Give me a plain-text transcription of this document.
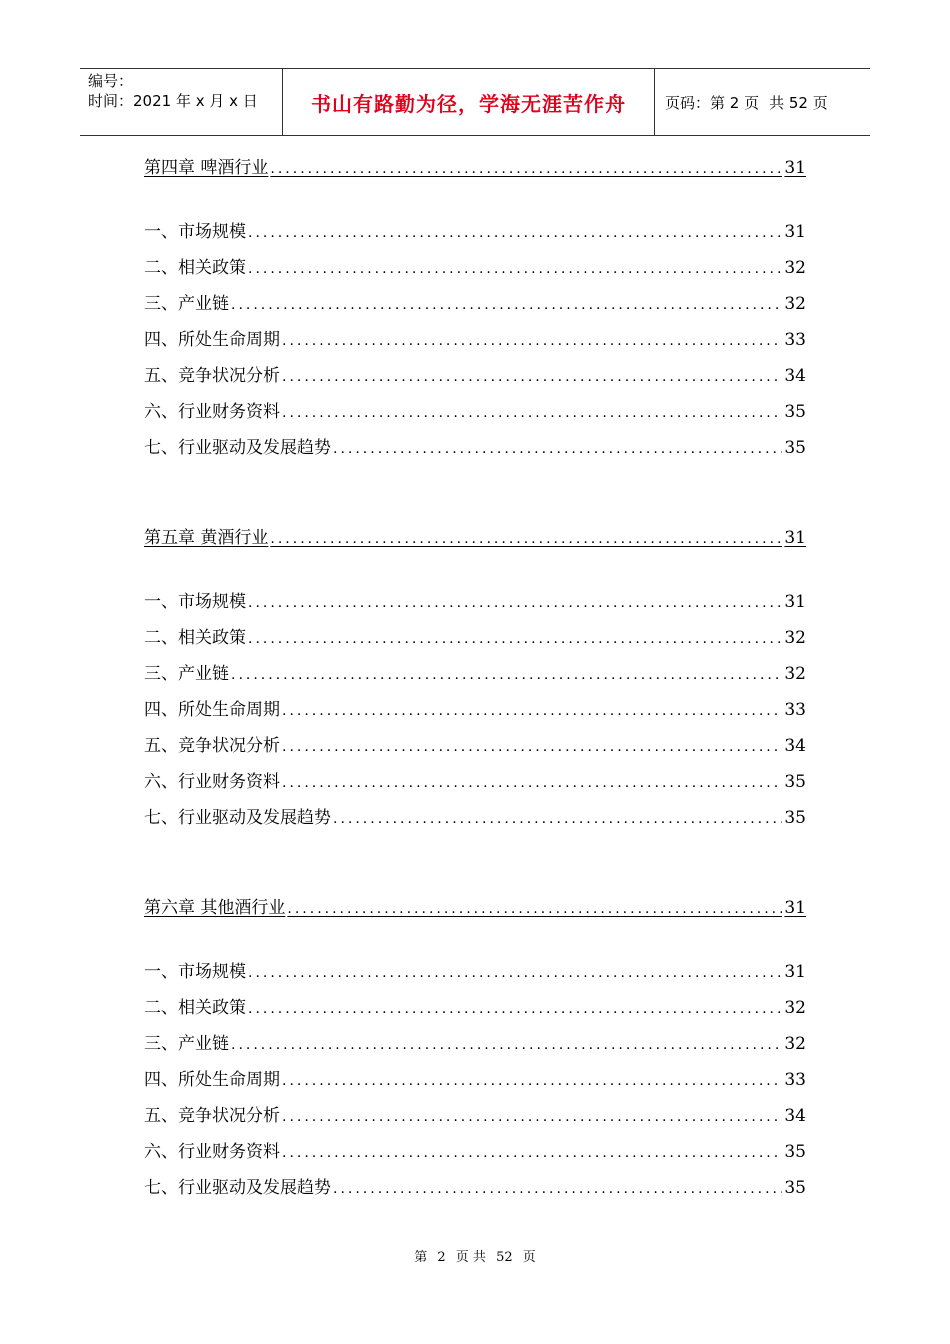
编号：
时间：2021 年 x 月 x 日	书山有路勤为径，学海无涯苦作舟	页码：第 2 页 共 52 页
第四章 啤酒行业 .....	31
一、 市场规模 .....	31
二、 相关政策 .....	32
三、 产业链 .....	32
四、 所处生命周期 .....	33
五、 竞争状况分析 .....	34
六、 行业财务资料 .....	35
七、 行业驱动及发展趋势 .....	35
第五章 黄酒行业 .....	31
一、 市场规模 .....	31
二、 相关政策 .....	32
三、 产业链 .....	32
四、 所处生命周期 .....	33
五、 竞争状况分析 .....	34
六、 行业财务资料 .....	35
七、 行业驱动及发展趋势 .....	35
第六章 其他酒行业 .....	31
一、 市场规模 .....	31
二、 相关政策 .....	32
三、 产业链 .....	32
四、 所处生命周期 .....	33
五、 竞争状况分析 .....	34
六、 行业财务资料 .....	35
七、 行业驱动及发展趋势 .....	35
第 2 页 共 52 页
